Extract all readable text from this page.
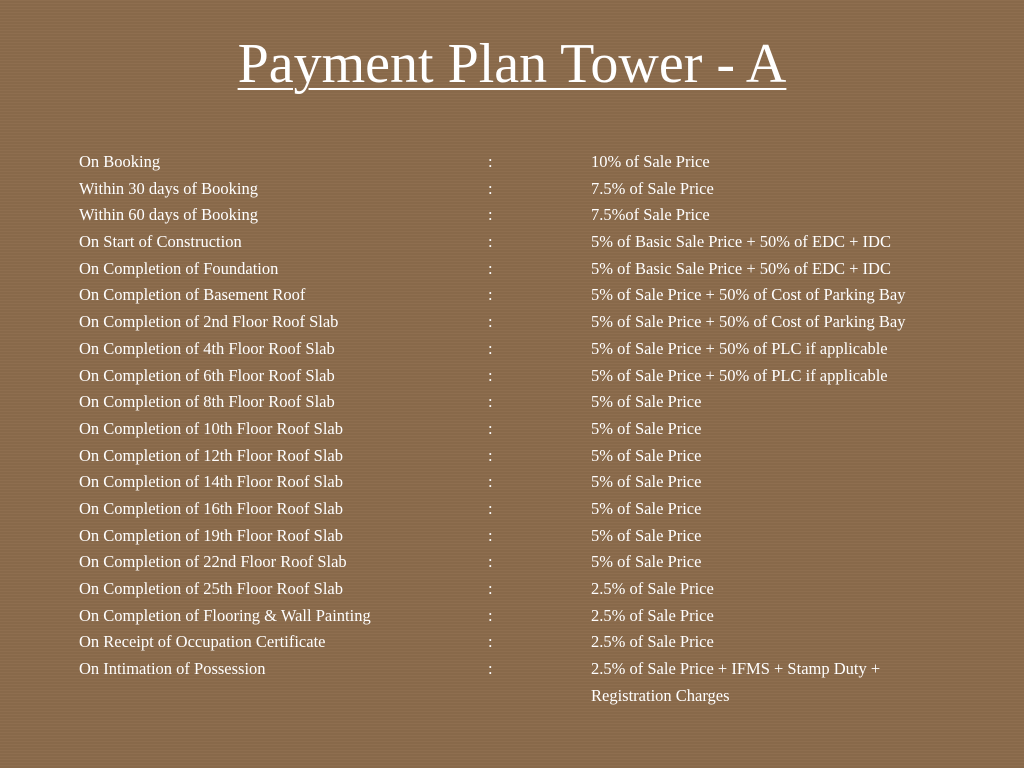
Payment Plan Tower - A
On Booking	:	10% of Sale Price
Within 30 days of Booking	:	7.5% of Sale Price
Within 60 days of Booking	:	7.5%of Sale Price
On Start of Construction	:	5% of Basic Sale Price + 50% of EDC + IDC
On Completion of Foundation	:	5% of Basic Sale Price + 50% of EDC + IDC
On Completion of Basement Roof	:	5% of Sale Price + 50% of Cost of Parking Bay
On Completion of 2nd Floor Roof Slab	:	5% of Sale Price + 50% of Cost of Parking Bay
On Completion of 4th Floor Roof Slab	:	5% of Sale Price + 50% of PLC if applicable
On Completion of 6th Floor Roof Slab	:	5% of Sale Price + 50% of PLC if applicable
On Completion of 8th Floor Roof Slab	:	5% of Sale Price
On Completion of 10th Floor Roof Slab	:	5% of Sale Price
On Completion of 12th Floor Roof Slab	:	5% of Sale Price
On Completion of 14th Floor Roof Slab	:	5% of Sale Price
On Completion of 16th Floor Roof Slab	:	5% of Sale Price
On Completion of 19th Floor Roof Slab	:	5% of Sale Price
On Completion of 22nd Floor Roof Slab	:	5% of Sale Price
On Completion of 25th Floor Roof Slab	:	2.5% of Sale Price
On Completion of Flooring & Wall Painting	:	2.5% of Sale Price
On Receipt of Occupation Certificate	:	2.5% of Sale Price
On Intimation of Possession	:	2.5% of Sale Price + IFMS + Stamp Duty +
Registration Charges
